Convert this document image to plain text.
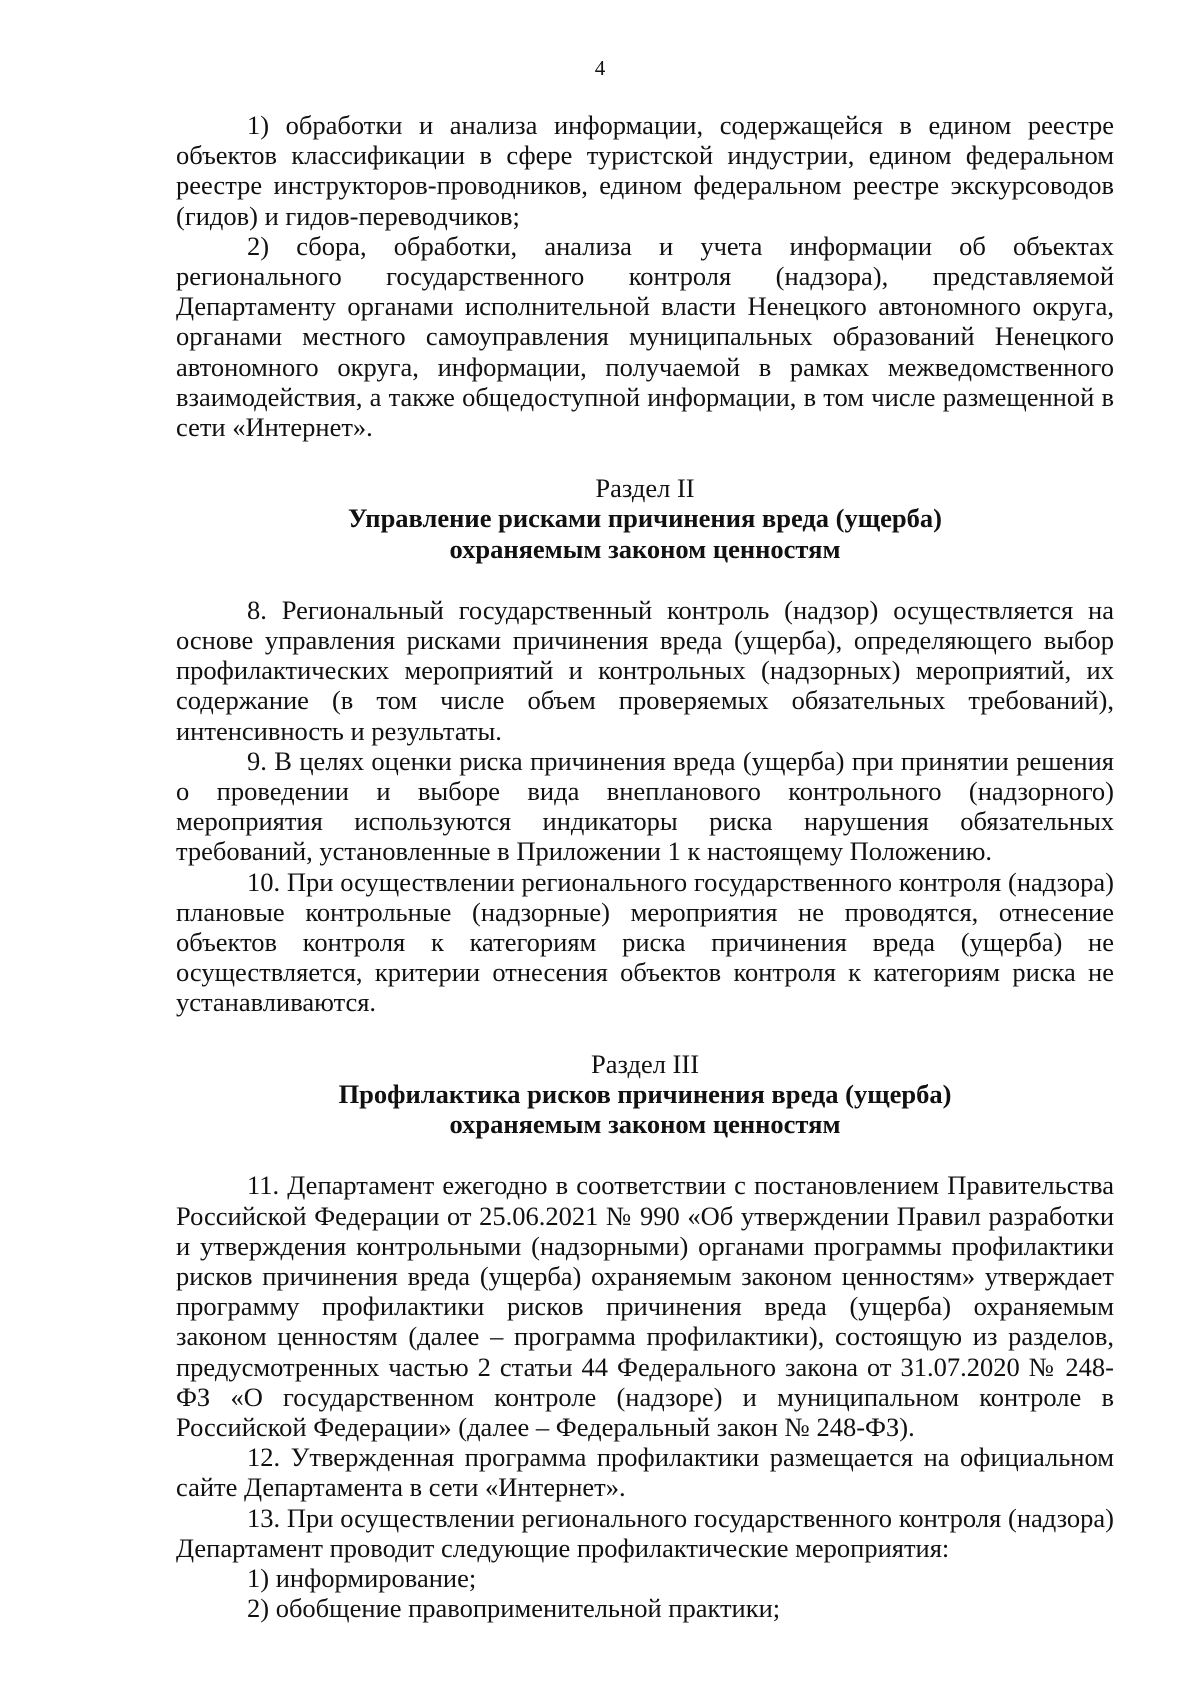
4

1) обработки и анализа информации, содержащейся в едином реестре объектов классификации в сфере туристской индустрии, едином федеральном реестре инструкторов-проводников, едином федеральном реестре экскурсоводов (гидов) и гидов-переводчиков;

2) сбора, обработки, анализа и учета информации об объектах регионального государственного контроля (надзора), представляемой Департаменту органами исполнительной власти Ненецкого автономного округа, органами местного самоуправления муниципальных образований Ненецкого автономного округа, информации, получаемой в рамках межведомственного взаимодействия, а также общедоступной информации, в том числе размещенной в сети «Интернет».

Раздел II
Управление рисками причинения вреда (ущерба)
охраняемым законом ценностям

8. Региональный государственный контроль (надзор) осуществляется на основе управления рисками причинения вреда (ущерба), определяющего выбор профилактических мероприятий и контрольных (надзорных) мероприятий, их содержание (в том числе объем проверяемых обязательных требований), интенсивность и результаты.

9. В целях оценки риска причинения вреда (ущерба) при принятии решения о проведении и выборе вида внепланового контрольного (надзорного) мероприятия используются индикаторы риска нарушения обязательных требований, установленные в Приложении 1 к настоящему Положению.

10. При осуществлении регионального государственного контроля (надзора) плановые контрольные (надзорные) мероприятия не проводятся, отнесение объектов контроля к категориям риска причинения вреда (ущерба) не осуществляется, критерии отнесения объектов контроля к категориям риска не устанавливаются.

Раздел III
Профилактика рисков причинения вреда (ущерба)
охраняемым законом ценностям

11. Департамент ежегодно в соответствии с постановлением Правительства Российской Федерации от 25.06.2021 № 990 «Об утверждении Правил разработки и утверждения контрольными (надзорными) органами программы профилактики рисков причинения вреда (ущерба) охраняемым законом ценностям» утверждает программу профилактики рисков причинения вреда (ущерба) охраняемым законом ценностям (далее – программа профилактики), состоящую из разделов, предусмотренных частью 2 статьи 44 Федерального закона от 31.07.2020 № 248-ФЗ «О государственном контроле (надзоре) и муниципальном контроле в Российской Федерации» (далее – Федеральный закон № 248-ФЗ).

12. Утвержденная программа профилактики размещается на официальном сайте Департамента в сети «Интернет».

13. При осуществлении регионального государственного контроля (надзора) Департамент проводит следующие профилактические мероприятия:

1) информирование;

2) обобщение правоприменительной практики;
